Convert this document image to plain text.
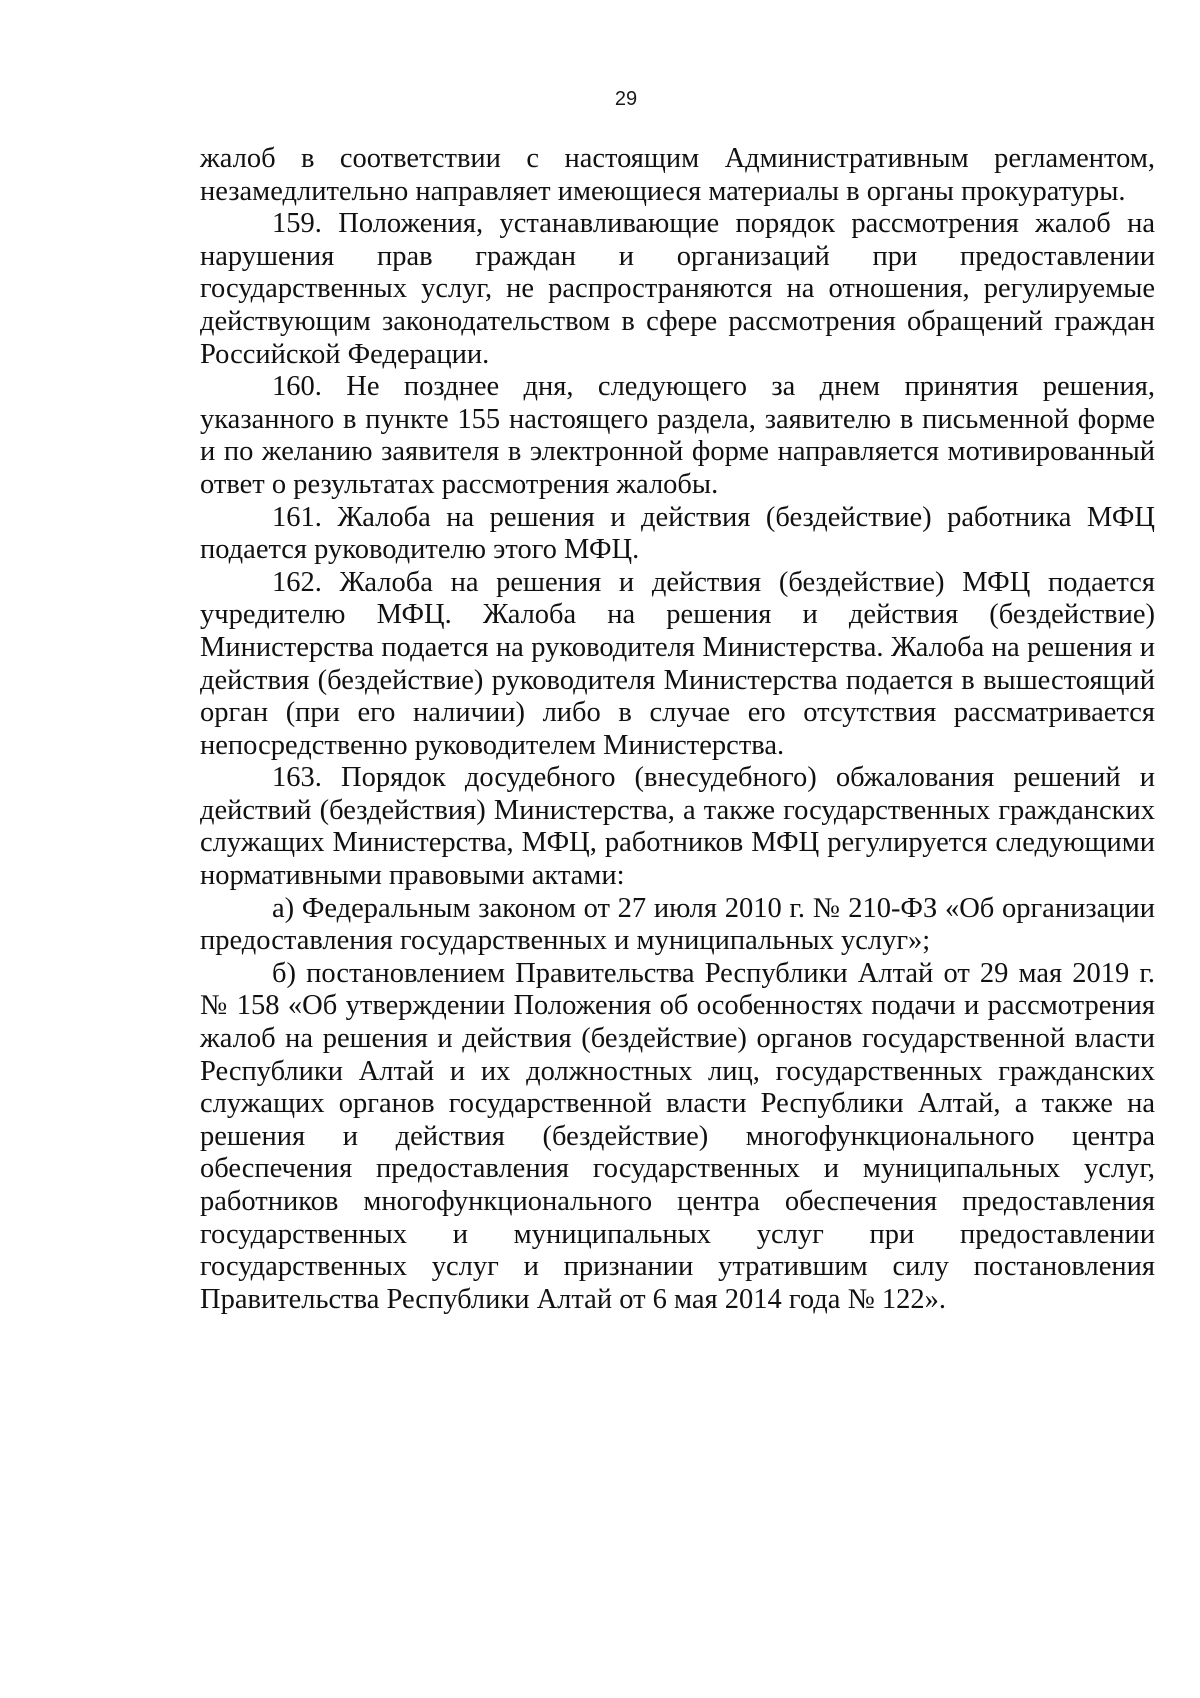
29

жалоб в соответствии с настоящим Административным регламентом, незамедлительно направляет имеющиеся материалы в органы прокуратуры.

159. Положения, устанавливающие порядок рассмотрения жалоб на нарушения прав граждан и организаций при предоставлении государственных услуг, не распространяются на отношения, регулируемые действующим законодательством в сфере рассмотрения обращений граждан Российской Федерации.

160. Не позднее дня, следующего за днем принятия решения, указанного в пункте 155 настоящего раздела, заявителю в письменной форме и по желанию заявителя в электронной форме направляется мотивированный ответ о результатах рассмотрения жалобы.

161. Жалоба на решения и действия (бездействие) работника МФЦ подается руководителю этого МФЦ.

162. Жалоба на решения и действия (бездействие) МФЦ подается учредителю МФЦ. Жалоба на решения и действия (бездействие) Министерства подается на руководителя Министерства. Жалоба на решения и действия (бездействие) руководителя Министерства подается в вышестоящий орган (при его наличии) либо в случае его отсутствия рассматривается непосредственно руководителем Министерства.

163. Порядок досудебного (внесудебного) обжалования решений и действий (бездействия) Министерства, а также государственных гражданских служащих Министерства, МФЦ, работников МФЦ регулируется следующими нормативными правовыми актами:

а) Федеральным законом от 27 июля 2010 г. № 210-ФЗ «Об организации предоставления государственных и муниципальных услуг»;

б) постановлением Правительства Республики Алтай от 29 мая 2019 г. № 158 «Об утверждении Положения об особенностях подачи и рассмотрения жалоб на решения и действия (бездействие) органов государственной власти Республики Алтай и их должностных лиц, государственных гражданских служащих органов государственной власти Республики Алтай, а также на решения и действия (бездействие) многофункционального центра обеспечения предоставления государственных и муниципальных услуг, работников многофункционального центра обеспечения предоставления государственных и муниципальных услуг при предоставлении государственных услуг и признании утратившим силу постановления Правительства Республики Алтай от 6 мая 2014 года № 122».
